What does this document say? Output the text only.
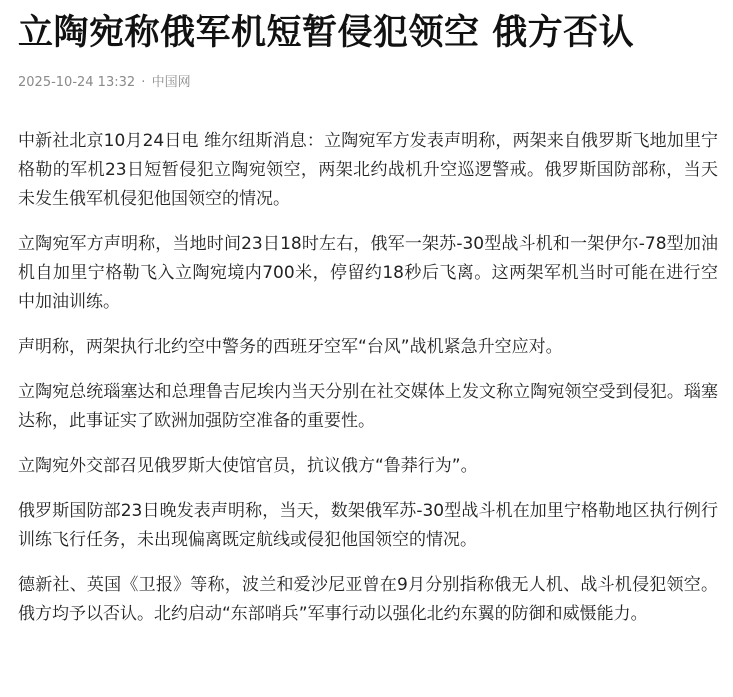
立陶宛称俄军机短暂侵犯领空 俄方否认
2025-10-24 13:32 · 中国网

中新社北京10月24日电 维尔纽斯消息：立陶宛军方发表声明称，两架来自俄罗斯飞地加里宁格勒的军机23日短暂侵犯立陶宛领空，两架北约战机升空巡逻警戒。俄罗斯国防部称，当天未发生俄军机侵犯他国领空的情况。

立陶宛军方声明称，当地时间23日18时左右，俄军一架苏-30型战斗机和一架伊尔-78型加油机自加里宁格勒飞入立陶宛境内700米，停留约18秒后飞离。这两架军机当时可能在进行空中加油训练。

声明称，两架执行北约空中警务的西班牙空军“台风”战机紧急升空应对。

立陶宛总统瑙塞达和总理鲁吉尼埃内当天分别在社交媒体上发文称立陶宛领空受到侵犯。瑙塞达称，此事证实了欧洲加强防空准备的重要性。

立陶宛外交部召见俄罗斯大使馆官员，抗议俄方“鲁莽行为”。

俄罗斯国防部23日晚发表声明称，当天，数架俄军苏-30型战斗机在加里宁格勒地区执行例行训练飞行任务，未出现偏离既定航线或侵犯他国领空的情况。

德新社、英国《卫报》等称，波兰和爱沙尼亚曾在9月分别指称俄无人机、战斗机侵犯领空。俄方均予以否认。北约启动“东部哨兵”军事行动以强化北约东翼的防御和威慑能力。
